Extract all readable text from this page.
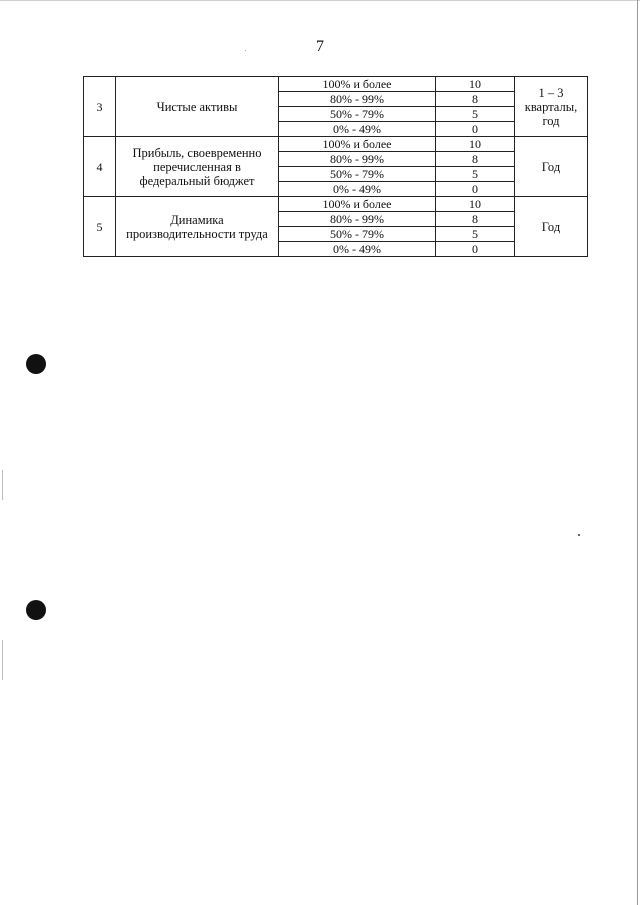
7
3	Чистые активы	100% и более	10	1 – 3 кварталы, год
		80% - 99%	8	
		50% - 79%	5	
		0% - 49%	0	
4	Прибыль, своевременно перечисленная в федеральный бюджет	100% и более	10	Год
		80% - 99%	8	
		50% - 79%	5	
		0% - 49%	0	
5	Динамика производительности труда	100% и более	10	Год
		80% - 99%	8	
		50% - 79%	5	
		0% - 49%	0	
